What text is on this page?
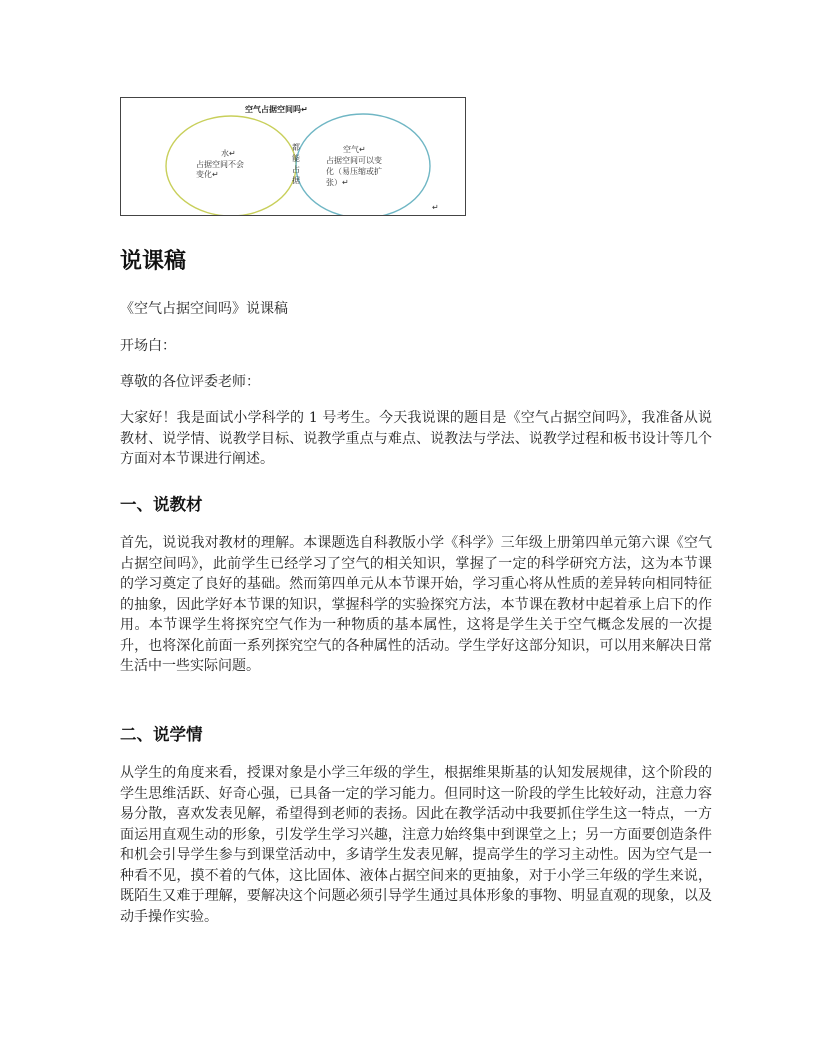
空气占据空间吗↵
水↵
占据空间不会
变化↵
都
能
占
据
空气↵
占据空间可以变
化（易压缩或扩
张）↵
↵
说课稿

《空气占据空间吗》说课稿

开场白：

尊敬的各位评委老师：

大家好！我是面试小学科学的 1 号考生。今天我说课的题目是《空气占据空间吗》，我准备从说教材、说学情、说教学目标、说教学重点与难点、说教法与学法、说教学过程和板书设计等几个方面对本节课进行阐述。

一、说教材

首先，说说我对教材的理解。本课题选自科教版小学《科学》三年级上册第四单元第六课《空气占据空间吗》，此前学生已经学习了空气的相关知识，掌握了一定的科学研究方法，这为本节课的学习奠定了良好的基础。然而第四单元从本节课开始，学习重心将从性质的差异转向相同特征的抽象，因此学好本节课的知识，掌握科学的实验探究方法，本节课在教材中起着承上启下的作用。本节课学生将探究空气作为一种物质的基本属性，这将是学生关于空气概念发展的一次提升，也将深化前面一系列探究空气的各种属性的活动。学生学好这部分知识，可以用来解决日常生活中一些实际问题。

二、说学情

从学生的角度来看，授课对象是小学三年级的学生，根据维果斯基的认知发展规律，这个阶段的学生思维活跃、好奇心强，已具备一定的学习能力。但同时这一阶段的学生比较好动，注意力容易分散，喜欢发表见解，希望得到老师的表扬。因此在教学活动中我要抓住学生这一特点，一方面运用直观生动的形象，引发学生学习兴趣，注意力始终集中到课堂之上；另一方面要创造条件和机会引导学生参与到课堂活动中，多请学生发表见解，提高学生的学习主动性。因为空气是一种看不见，摸不着的气体，这比固体、液体占据空间来的更抽象，对于小学三年级的学生来说，既陌生又难于理解，要解决这个问题必须引导学生通过具体形象的事物、明显直观的现象，以及动手操作实验。
